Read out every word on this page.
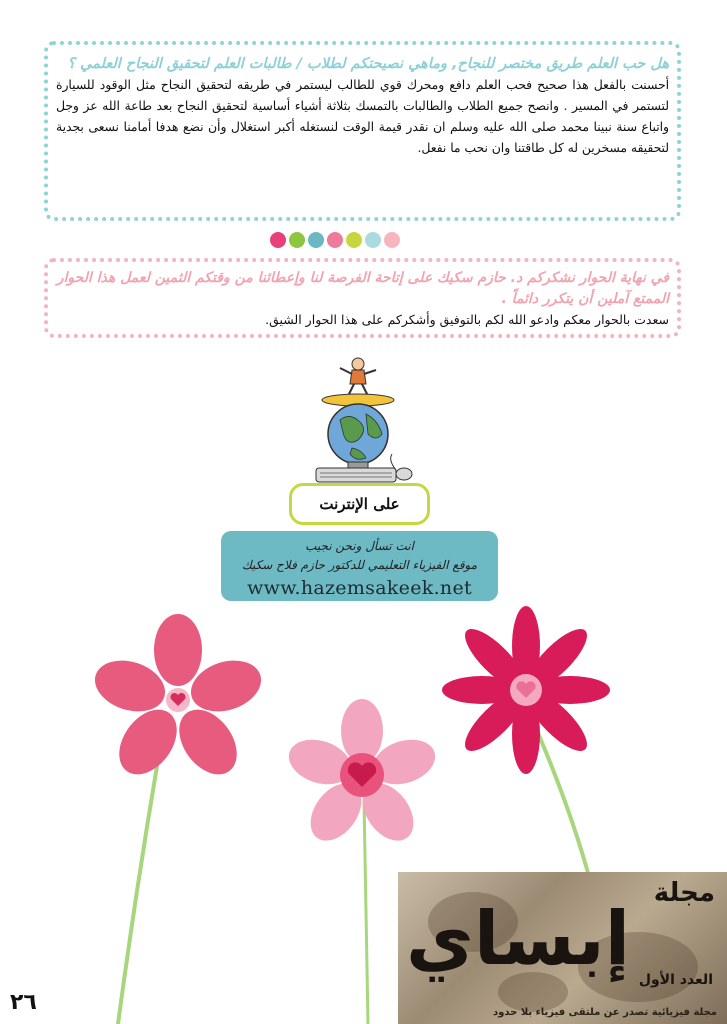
هل حب العلم طريق مختصر للنجاح, وماهي نصيحتكم لطلاب / طالبات العلم لتحقيق النجاح العلمي ؟

أحسنت بالفعل هذا صحيح فحب العلم دافع ومحرك قوي للطالب ليستمر في طريقه لتحقيق النجاح مثل الوقود للسيارة لتستمر في المسير . وانصح جميع الطلاب والطالبات بالتمسك بثلاثة أشياء أساسية لتحقيق النجاح بعد طاعة الله عز وجل واتباع سنة نبينا محمد صلى الله عليه وسلم ان نقدر قيمة الوقت لنستغله أكبر استغلال وأن نضع هدفا أمامنا نسعى بجدية لتحقيقه مسخرين له كل طاقتنا وان نحب ما نفعل.

في نهاية الحوار نشكركم د. حازم سكيك على إتاحة الفرصة لنا وإعطائنا من وقتكم الثمين لعمل هذا الحوار الممتع آملين أن يتكرر دائماً .

سعدت بالحوار معكم وادعو الله لكم بالتوفيق وأشكركم على هذا الحوار الشيق.

على الإنترنت
انت تسأل ونحن نجيب
موقع الفيزياء التعليمي للدكتور حازم فلاح سكيك
www.hazemsakeek.net
٢٦
مجلة
إبساي العدد الأول
مجلة فيزيائية تصدر عن ملتقى فيزياء بلا حدود
